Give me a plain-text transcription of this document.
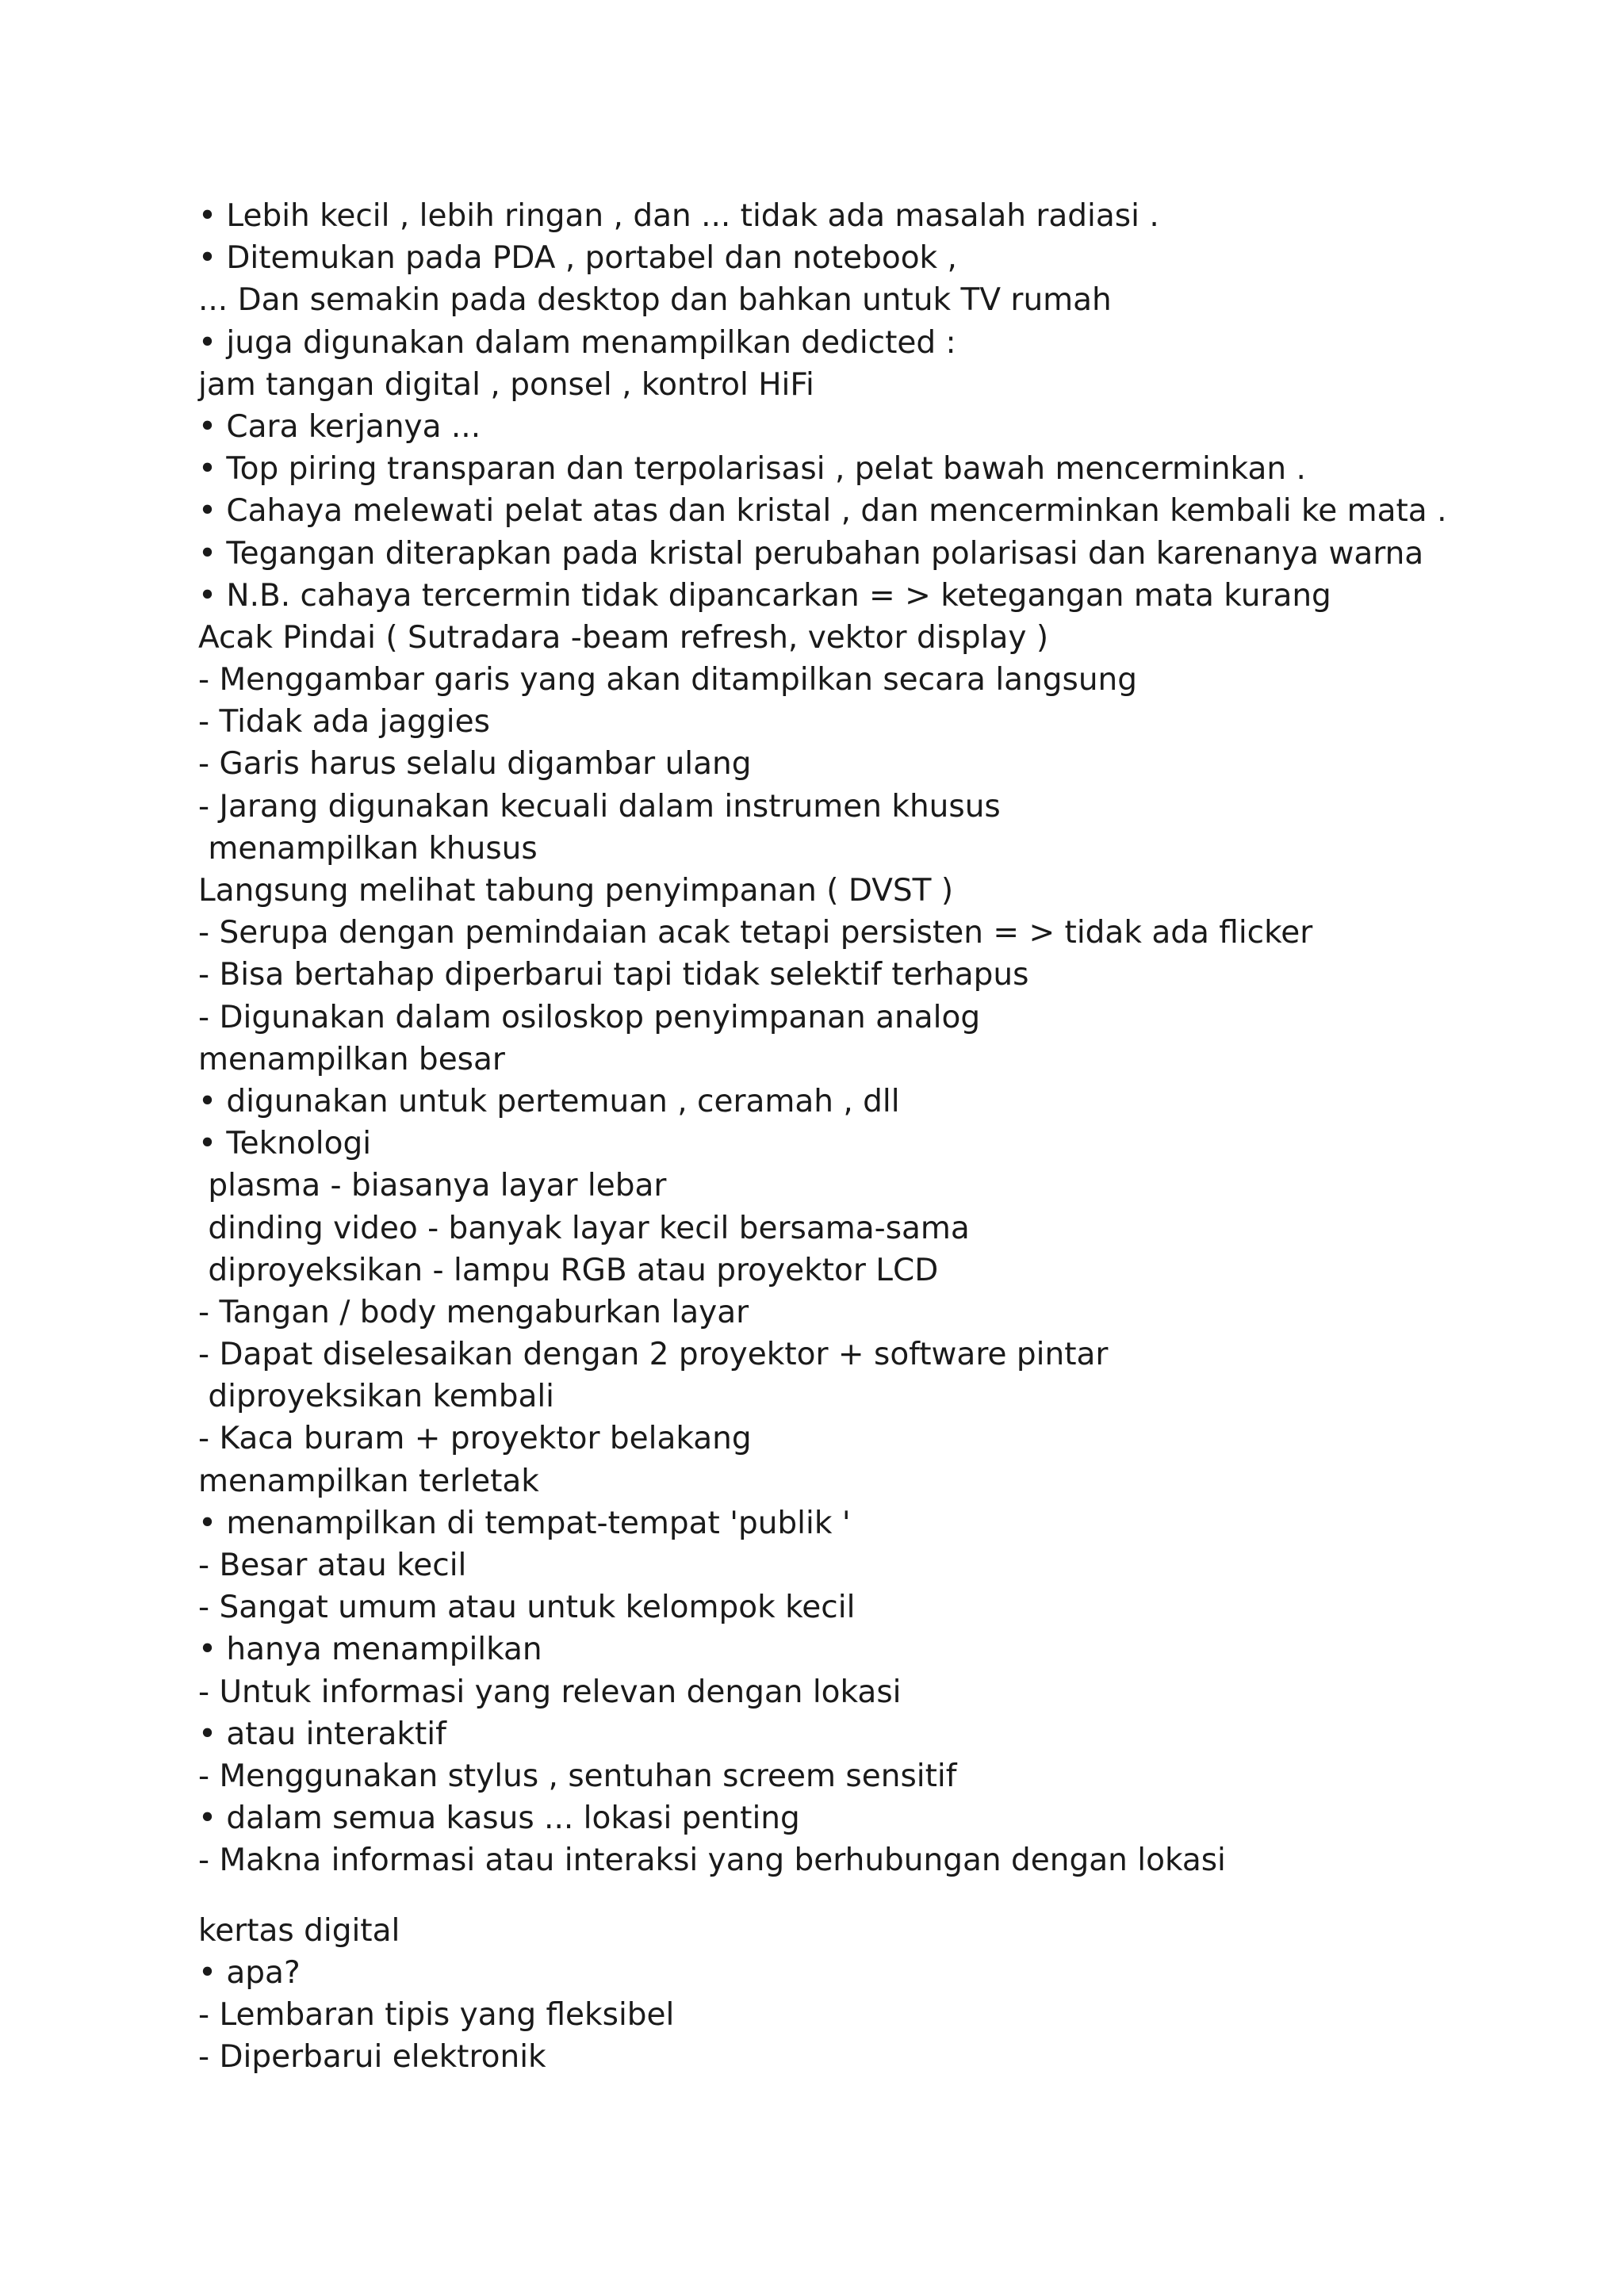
• Lebih kecil , lebih ringan , dan ... tidak ada masalah radiasi .
• Ditemukan pada PDA , portabel dan notebook ,
... Dan semakin pada desktop dan bahkan untuk TV rumah
• juga digunakan dalam menampilkan dedicted :
jam tangan digital , ponsel , kontrol HiFi
• Cara kerjanya ...
• Top piring transparan dan terpolarisasi , pelat bawah mencerminkan .
• Cahaya melewati pelat atas dan kristal , dan mencerminkan kembali ke mata .
• Tegangan diterapkan pada kristal perubahan polarisasi dan karenanya warna
• N.B. cahaya tercermin tidak dipancarkan = > ketegangan mata kurang
Acak Pindai ( Sutradara -beam refresh, vektor display )
- Menggambar garis yang akan ditampilkan secara langsung
- Tidak ada jaggies
- Garis harus selalu digambar ulang
- Jarang digunakan kecuali dalam instrumen khusus
menampilkan khusus
Langsung melihat tabung penyimpanan ( DVST )
- Serupa dengan pemindaian acak tetapi persisten = > tidak ada flicker
- Bisa bertahap diperbarui tapi tidak selektif terhapus
- Digunakan dalam osiloskop penyimpanan analog
menampilkan besar
• digunakan untuk pertemuan , ceramah , dll
• Teknologi
plasma - biasanya layar lebar
dinding video - banyak layar kecil bersama-sama
diproyeksikan - lampu RGB atau proyektor LCD
- Tangan / body mengaburkan layar
- Dapat diselesaikan dengan 2 proyektor + software pintar
diproyeksikan kembali
- Kaca buram + proyektor belakang
menampilkan terletak
• menampilkan di tempat-tempat 'publik '
- Besar atau kecil
- Sangat umum atau untuk kelompok kecil
• hanya menampilkan
- Untuk informasi yang relevan dengan lokasi
• atau interaktif
- Menggunakan stylus , sentuhan screem sensitif
• dalam semua kasus ... lokasi penting
- Makna informasi atau interaksi yang berhubungan dengan lokasi
kertas digital
• apa?
- Lembaran tipis yang fleksibel
- Diperbarui elektronik
